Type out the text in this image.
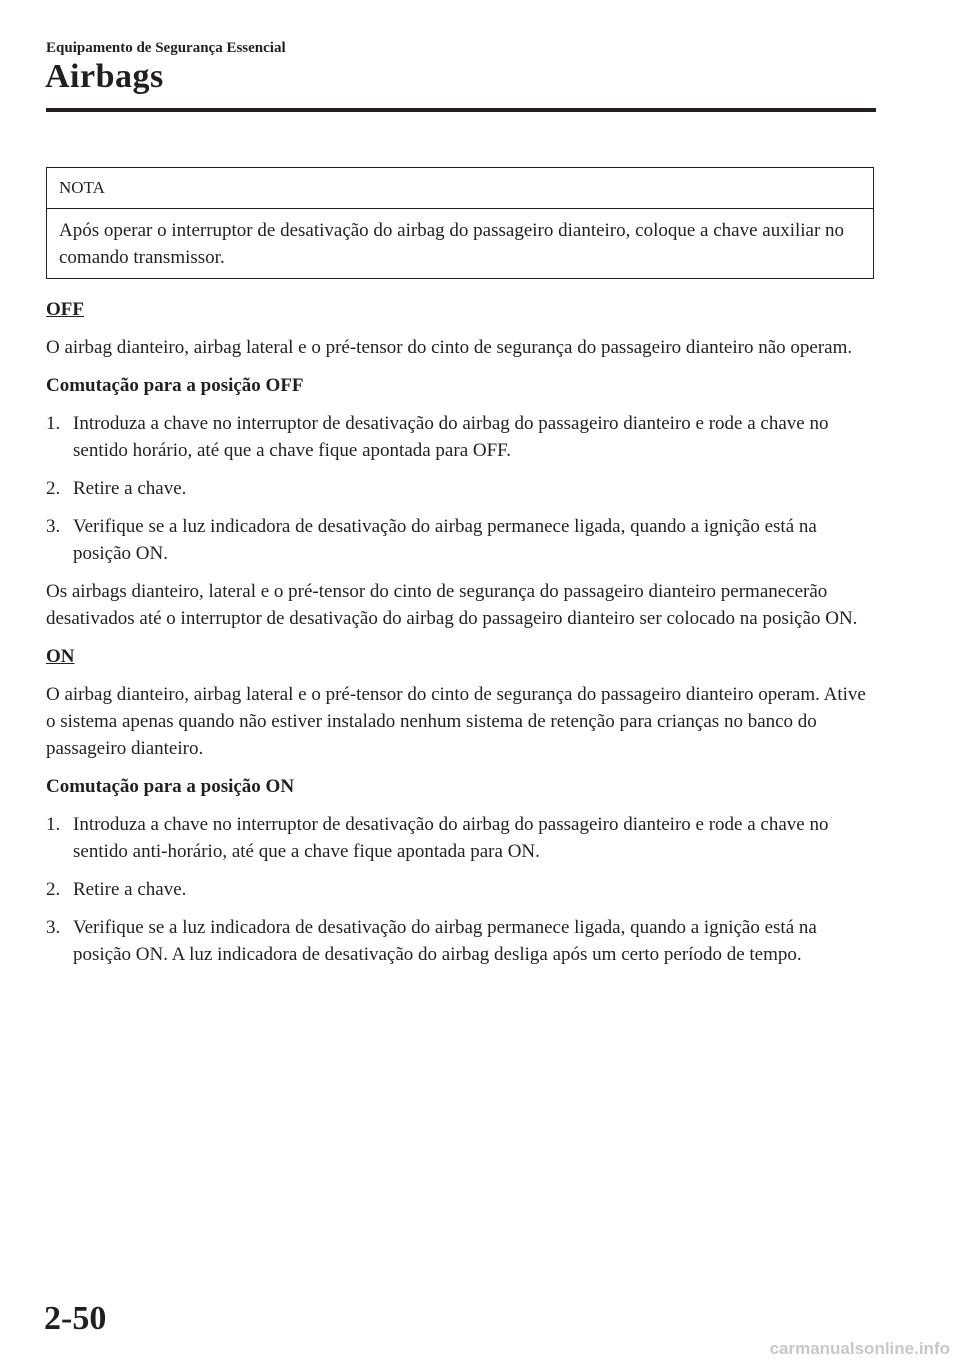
Equipamento de Segurança Essencial
Airbags
NOTA
Após operar o interruptor de desativação do airbag do passageiro dianteiro, coloque a chave auxiliar no comando transmissor.

OFF

O airbag dianteiro, airbag lateral e o pré-tensor do cinto de segurança do passageiro dianteiro não operam.

Comutação para a posição OFF

1. Introduza a chave no interruptor de desativação do airbag do passageiro dianteiro e rode a chave no sentido horário, até que a chave fique apontada para OFF.
2. Retire a chave.
3. Verifique se a luz indicadora de desativação do airbag permanece ligada, quando a ignição está na posição ON.

Os airbags dianteiro, lateral e o pré-tensor do cinto de segurança do passageiro dianteiro permanecerão desativados até o interruptor de desativação do airbag do passageiro dianteiro ser colocado na posição ON.

ON

O airbag dianteiro, airbag lateral e o pré-tensor do cinto de segurança do passageiro dianteiro operam. Ative o sistema apenas quando não estiver instalado nenhum sistema de retenção para crianças no banco do passageiro dianteiro.

Comutação para a posição ON

1. Introduza a chave no interruptor de desativação do airbag do passageiro dianteiro e rode a chave no sentido anti-horário, até que a chave fique apontada para ON.
2. Retire a chave.
3. Verifique se a luz indicadora de desativação do airbag permanece ligada, quando a ignição está na posição ON. A luz indicadora de desativação do airbag desliga após um certo período de tempo.
2-50
carmanualsonline.info
